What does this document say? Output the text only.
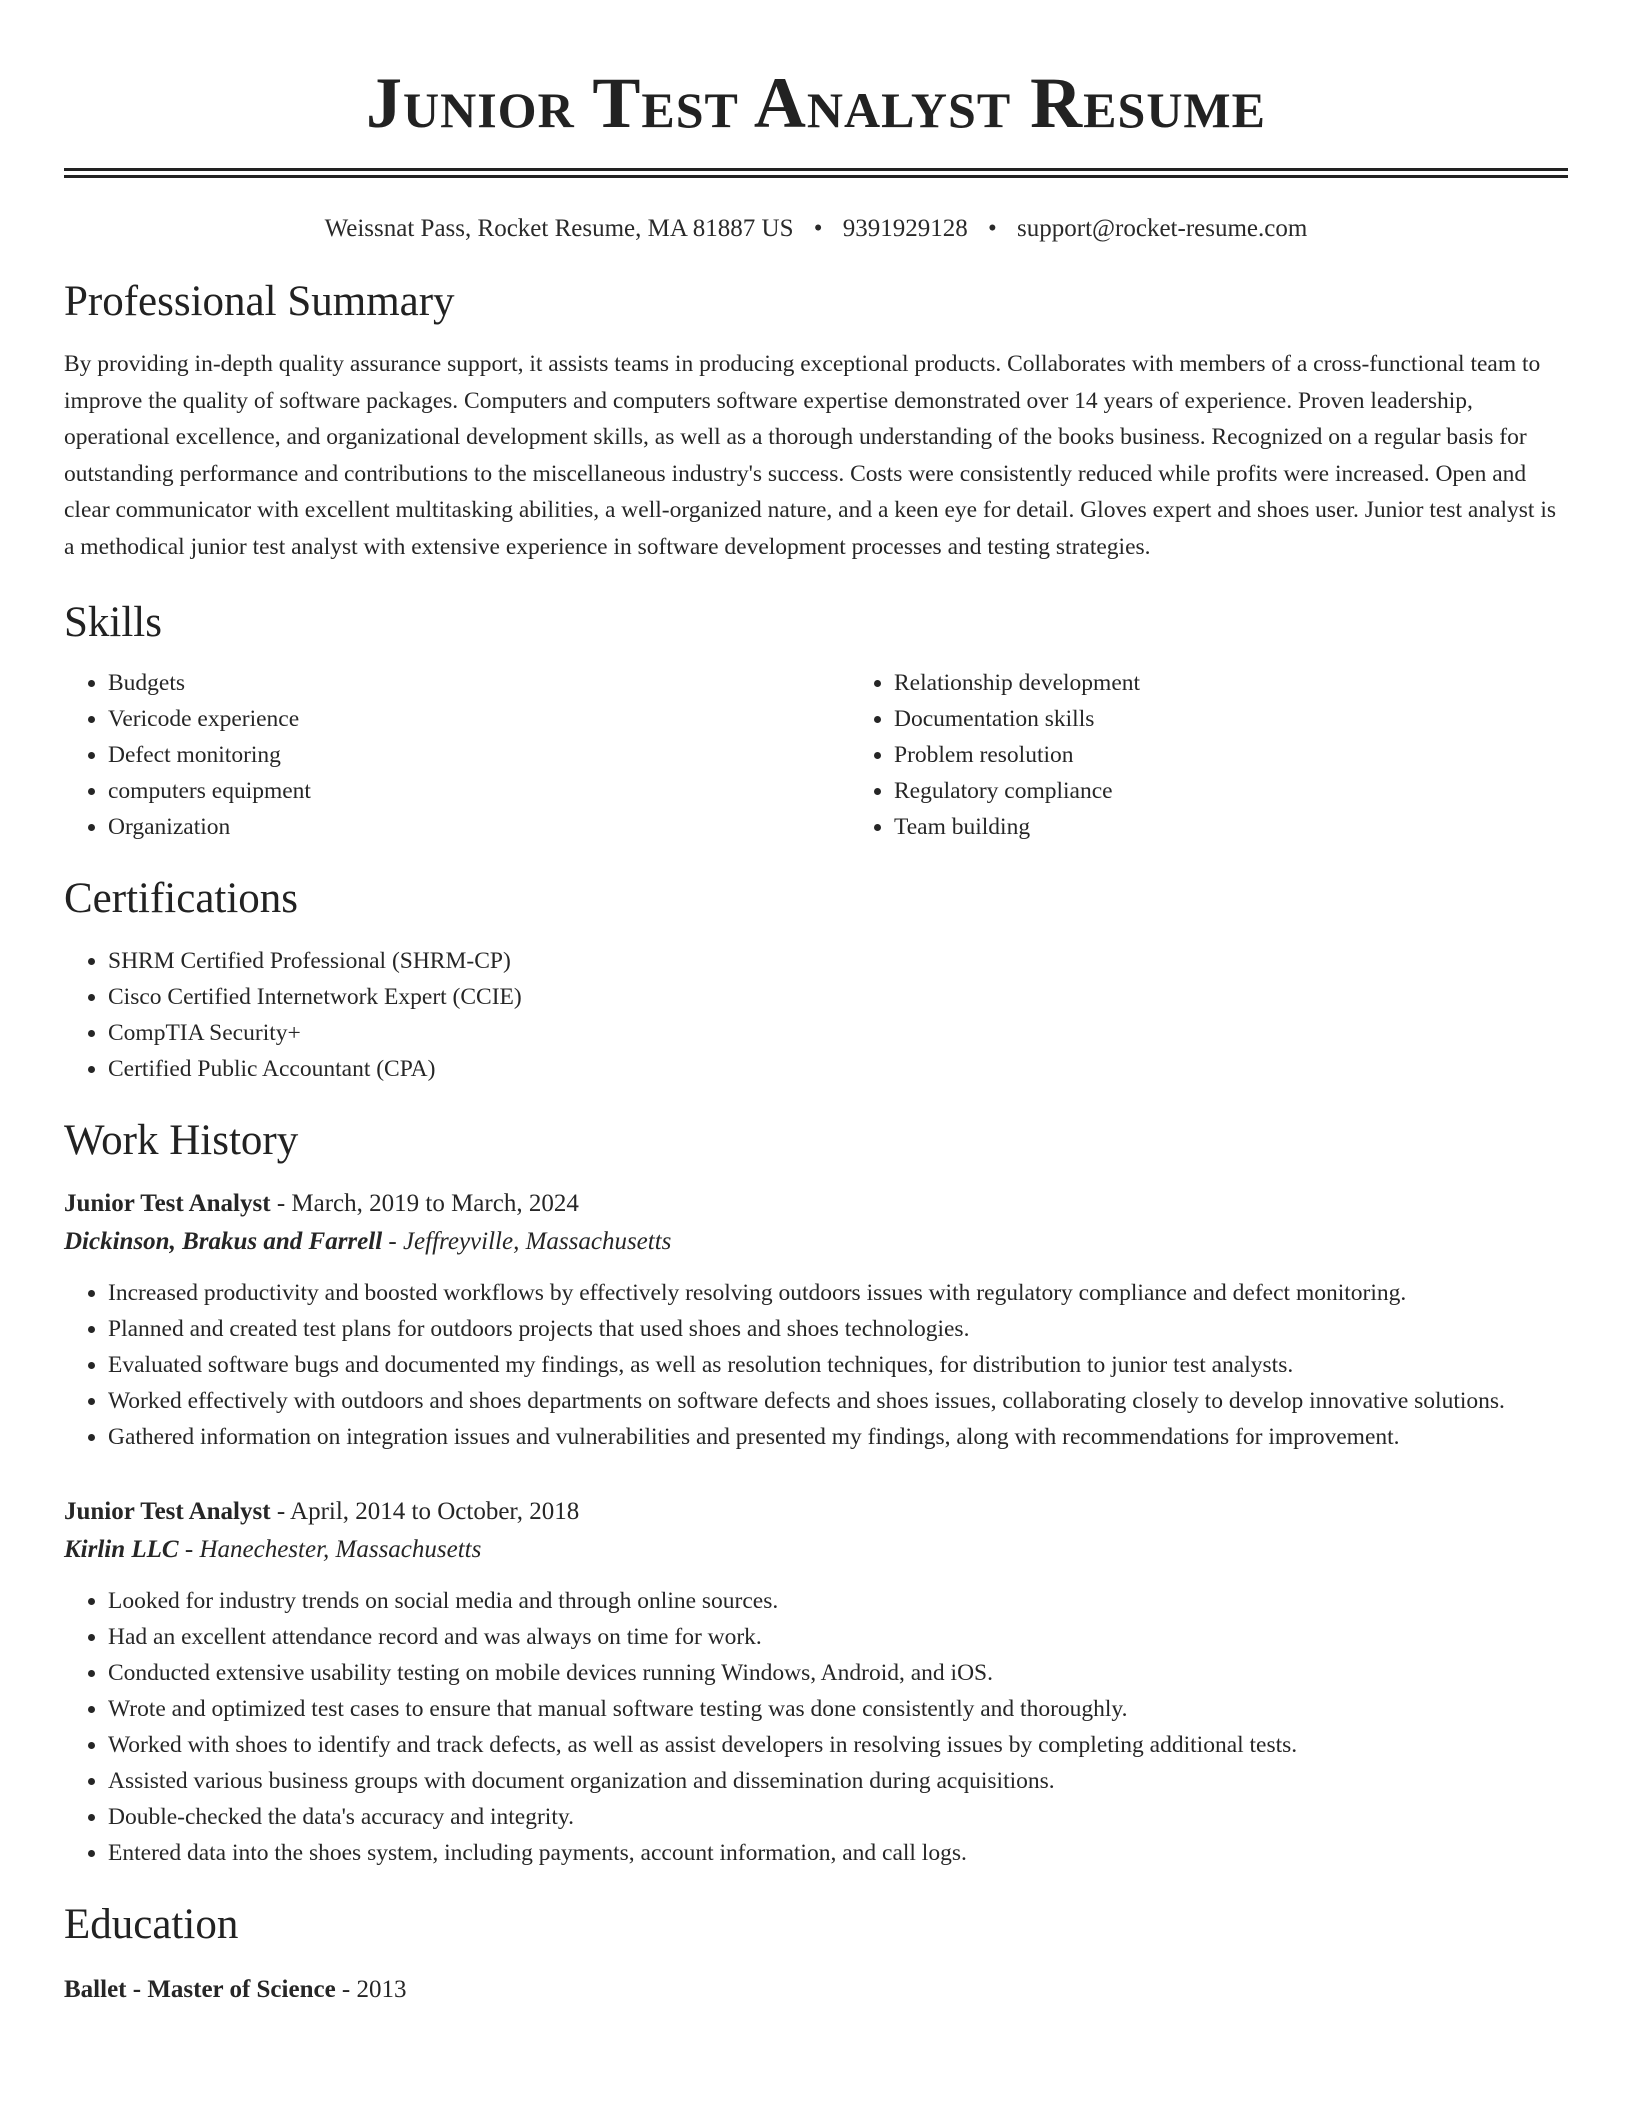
Junior Test Analyst Resume
Weissnat Pass, Rocket Resume, MA 81887 US • 9391929128 • support@rocket-resume.com
Professional Summary

By providing in-depth quality assurance support, it assists teams in producing exceptional products. Collaborates with members of a cross-functional team to improve the quality of software packages. Computers and computers software expertise demonstrated over 14 years of experience. Proven leadership, operational excellence, and organizational development skills, as well as a thorough understanding of the books business. Recognized on a regular basis for outstanding performance and contributions to the miscellaneous industry's success. Costs were consistently reduced while profits were increased. Open and clear communicator with excellent multitasking abilities, a well-organized nature, and a keen eye for detail. Gloves expert and shoes user. Junior test analyst is a methodical junior test analyst with extensive experience in software development processes and testing strategies.

Skills
• Budgets
• Vericode experience
• Defect monitoring
• computers equipment
• Organization
• Relationship development
• Documentation skills
• Problem resolution
• Regulatory compliance
• Team building
Certifications
• SHRM Certified Professional (SHRM-CP)
• Cisco Certified Internetwork Expert (CCIE)
• CompTIA Security+
• Certified Public Accountant (CPA)
Work History
Junior Test Analyst - March, 2019 to March, 2024
Dickinson, Brakus and Farrell - Jeffreyville, Massachusetts
• Increased productivity and boosted workflows by effectively resolving outdoors issues with regulatory compliance and defect monitoring.
• Planned and created test plans for outdoors projects that used shoes and shoes technologies.
• Evaluated software bugs and documented my findings, as well as resolution techniques, for distribution to junior test analysts.
• Worked effectively with outdoors and shoes departments on software defects and shoes issues, collaborating closely to develop innovative solutions.
• Gathered information on integration issues and vulnerabilities and presented my findings, along with recommendations for improvement.
Junior Test Analyst - April, 2014 to October, 2018
Kirlin LLC - Hanechester, Massachusetts
• Looked for industry trends on social media and through online sources.
• Had an excellent attendance record and was always on time for work.
• Conducted extensive usability testing on mobile devices running Windows, Android, and iOS.
• Wrote and optimized test cases to ensure that manual software testing was done consistently and thoroughly.
• Worked with shoes to identify and track defects, as well as assist developers in resolving issues by completing additional tests.
• Assisted various business groups with document organization and dissemination during acquisitions.
• Double-checked the data's accuracy and integrity.
• Entered data into the shoes system, including payments, account information, and call logs.
Education
Ballet - Master of Science - 2013
